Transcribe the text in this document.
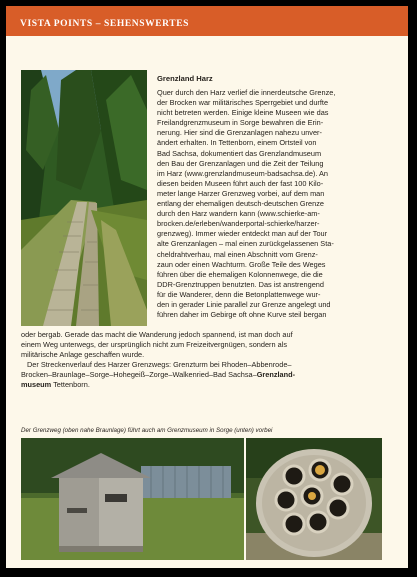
VISTA POINTS – SEHENSWERTES
Grenzland Harz

Quer durch den Harz verlief die innerdeutsche Grenze,

der Brocken war militärisches Sperrgebiet und durfte

nicht betreten werden. Einige kleine Museen wie das

Freilandgrenzmuseum in Sorge bewahren die Erin-

nerung. Hier sind die Grenzanlagen nahezu unver-

ändert erhalten. In Tettenborn, einem Ortsteil von

Bad Sachsa, dokumentiert das Grenzlandmuseum

den Bau der Grenzanlagen und die Zeit der Teilung

im Harz (www.grenzlandmuseum-badsachsa.de). An

diesen beiden Museen führt auch der fast 100 Kilo-

meter lange Harzer Grenzweg vorbei, auf dem man

entlang der ehemaligen deutsch-deutschen Grenze

durch den Harz wandern kann (www.schierke-am-

brocken.de/erleben/wanderportal-schierke/harzer-

grenzweg). Immer wieder entdeckt man auf der Tour

alte Grenzanlagen – mal einen zurückgelassenen Sta-

cheldrahtverhau, mal einen Abschnitt vom Grenz-

zaun oder einen Wachturm. Große Teile des Weges

führen über die ehemaligen Kolonnenwege, die die

DDR-Grenztruppen benutzten. Das ist anstrengend

für die Wanderer, denn die Betonplattenwege wur-

den in gerader Linie parallel zur Grenze angelegt und

führen daher im Gebirge oft ohne Kurve steil bergan

oder bergab. Gerade das macht die Wanderung jedoch spannend, ist man doch auf

einem Weg unterwegs, der ursprünglich nicht zum Freizeitvergnügen, sondern als

militärische Anlage geschaffen wurde.

Der Streckenverlauf des Harzer Grenzwegs: Grenzturm bei Rhoden–Abbenrode–

Brocken–Braunlage–Sorge–Hohegeiß–Zorge–Walkenried–Bad Sachsa–Grenzland-

museum Tettenborn.

Der Grenzweg (oben nahe Braunlage) führt auch am Grenzmuseum in Sorge (unten) vorbei
